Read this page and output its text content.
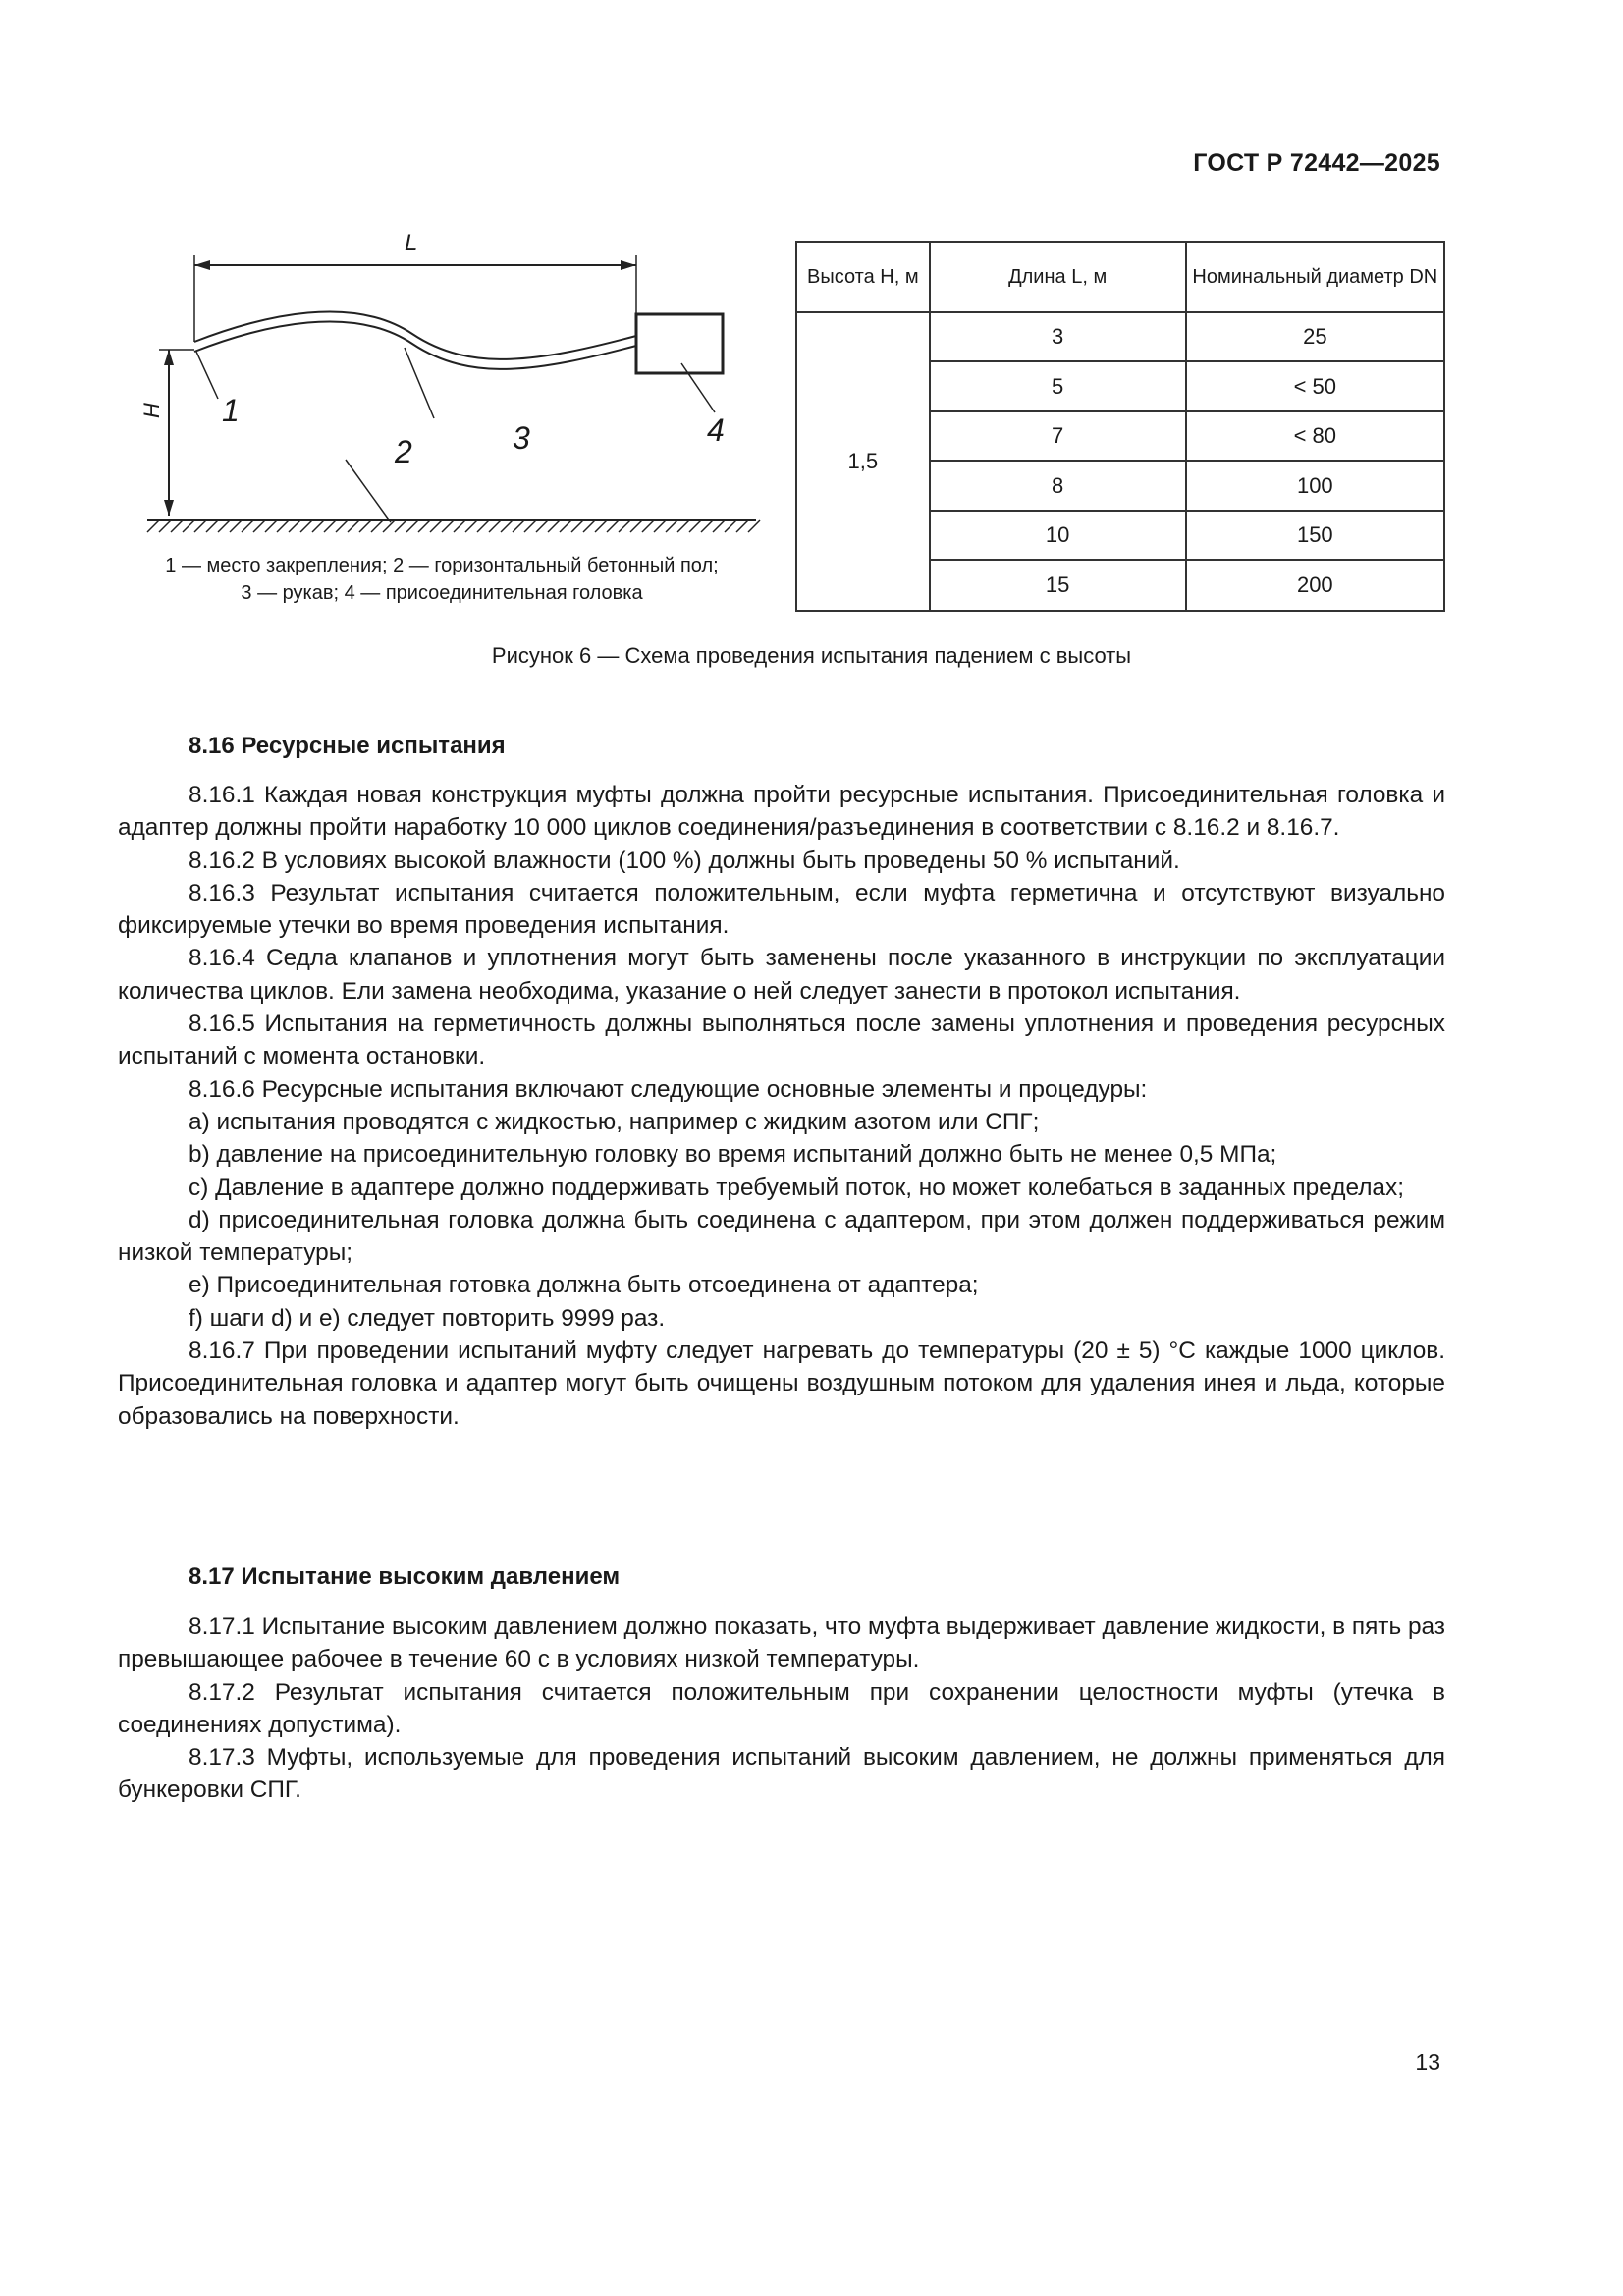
ГОСТ Р 72442—2025
L
H 1
2	3	4
1 — место закрепления; 2 — горизонтальный бетонный пол;
3 — рукав; 4 — присоединительная головка
Высота H, м	Длина L, м	Номинальный диаметр DN
1,5	3	25
	5	< 50
	7	< 80
	8	100
	10	150
	15	200
Рисунок 6 — Схема проведения испытания падением с высоты
8.16 Ресурсные испытания

8.16.1 Каждая новая конструкция муфты должна пройти ресурсные испытания. Присоединительная головка и адаптер должны пройти наработку 10 000 циклов соединения/разъединения в соответствии с 8.16.2 и 8.16.7.

8.16.2 В условиях высокой влажности (100 %) должны быть проведены 50 % испытаний.

8.16.3 Результат испытания считается положительным, если муфта герметична и отсутствуют визуально фиксируемые утечки во время проведения испытания.

8.16.4 Седла клапанов и уплотнения могут быть заменены после указанного в инструкции по эксплуатации количества циклов. Ели замена необходима, указание о ней следует занести в протокол испытания.

8.16.5 Испытания на герметичность должны выполняться после замены уплотнения и проведения ресурсных испытаний с момента остановки.

8.16.6 Ресурсные испытания включают следующие основные элементы и процедуры:

a) испытания проводятся с жидкостью, например с жидким азотом или СПГ;

b) давление на присоединительную головку во время испытаний должно быть не менее 0,5 МПа;

c) Давление в адаптере должно поддерживать требуемый поток, но может колебаться в заданных пределах;

d) присоединительная головка должна быть соединена с адаптером, при этом должен поддерживаться режим низкой температуры;

e) Присоединительная готовка должна быть отсоединена от адаптера;

f) шаги d) и e) следует повторить 9999 раз.

8.16.7 При проведении испытаний муфту следует нагревать до температуры (20 ± 5) °С каждые 1000 циклов. Присоединительная головка и адаптер могут быть очищены воздушным потоком для удаления инея и льда, которые образовались на поверхности.

8.17 Испытание высоким давлением

8.17.1 Испытание высоким давлением должно показать, что муфта выдерживает давление жидкости, в пять раз превышающее рабочее в течение 60 с в условиях низкой температуры.

8.17.2 Результат испытания считается положительным при сохранении целостности муфты (утечка в соединениях допустима).

8.17.3 Муфты, используемые для проведения испытаний высоким давлением, не должны применяться для бункеровки СПГ.

13
